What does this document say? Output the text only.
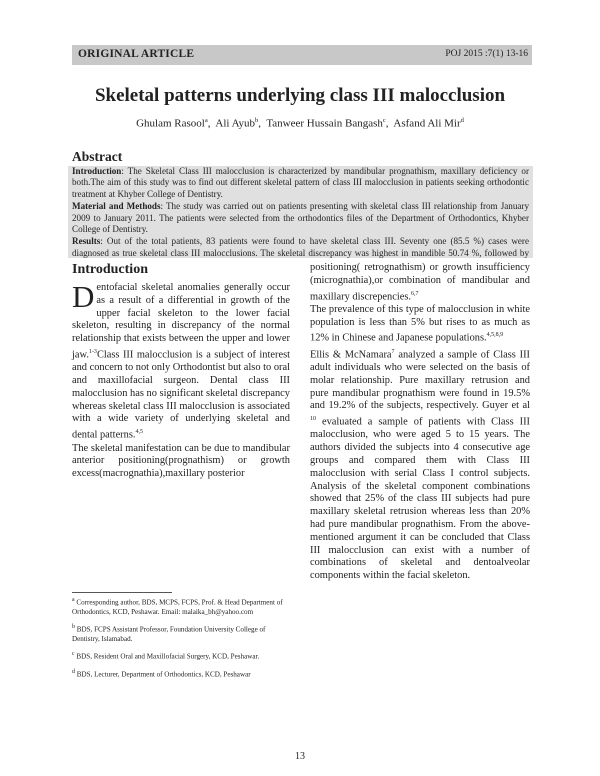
ORIGINAL ARTICLE	POJ 2015 :7(1) 13-16
Skeletal patterns underlying class III malocclusion
Ghulam Rasool$^a$,  Ali Ayub$^b$,  Tanweer Hussain Bangash$^c$,  Asfand Ali Mir$^d$
Abstract

Introduction: The Skeletal Class III malocclusion is characterized by mandibular prognathism, maxillary deficiency or both.The aim of this study was to find out different skeletal pattern of class III malocclusion in patients seeking orthodontic treatment at Khyber College of Dentistry.

Material and Methods: The study was carried out on patients presenting with skeletal class III relationship from January 2009 to January 2011. The patients were selected from the orthodontics files of the Department of Orthodontics, Khyber College of Dentistry.

Results: Out of the total patients, 83 patients were found to have skeletal class III. Seventy one (85.5 %) cases were diagnosed as true skeletal class III malocclusions. The skeletal discrepancy was highest in mandible 50.74 %, followed by

Introduction

Dentofacial skeletal anomalies generally occur as a result of a differential in growth of the upper facial skeleton to the lower facial skeleton, resulting in discrepancy of the normal relationship that exists between the upper and lower jaw.$^{1-3}$Class III malocclusion is a subject of interest and concern to not only Orthodontist but also to oral and maxillofacial surgeon. Dental class III malocclusion has no significant skeletal discrepancy whereas skeletal class III malocclusion is associated with a wide variety of underlying skeletal and dental patterns.$^{4,5}$

The skeletal manifestation can be due to mandibular anterior positioning(prognathism) or growth excess(macrognathia),maxillary posterior

positioning( retrognathism) or growth insufficiency (micrognathia),or combination of mandibular and maxillary discrepencies.$^{6,7}$

The prevalence of this type of malocclusion in white population is less than 5% but rises to as much as 12% in Chinese and Japanese populations.$^{4,5,8,9}$

Ellis & McNamara$^7$ analyzed a sample of Class III adult individuals who were selected on the basis of molar relationship. Pure maxillary retrusion and pure mandibular prognathism were found in 19.5% and 19.2% of the subjects, respectively. Guyer et al $^{10}$ evaluated a sample of patients with Class III malocclusion, who were aged 5 to 15 years. The authors divided the subjects into 4 consecutive age groups and compared them with Class III malocclusion with serial Class I control subjects. Analysis of the skeletal component combinations showed that 25% of the class III subjects had pure maxillary skeletal retrusion whereas less than 20% had pure mandibular prognathism. From the above-mentioned argument it can be concluded that Class III malocclusion can exist with a number of combinations of skeletal and dentoalveolar components within the facial skeleton.

$^a$ Corresponding author, BDS, MCPS, FCPS, Prof. & Head Department of Orthodontics, KCD, Peshawar. Email: malaika_bh@yahoo.com

$^b$ BDS, FCPS Assistant Professor, Foundation University College of Dentistry, Islamabad.

$^c$ BDS, Resident Oral and Maxillofacial Surgery, KCD, Peshawar.

$^d$ BDS, Lecturer, Department of Orthodontics, KCD, Peshawar

13
